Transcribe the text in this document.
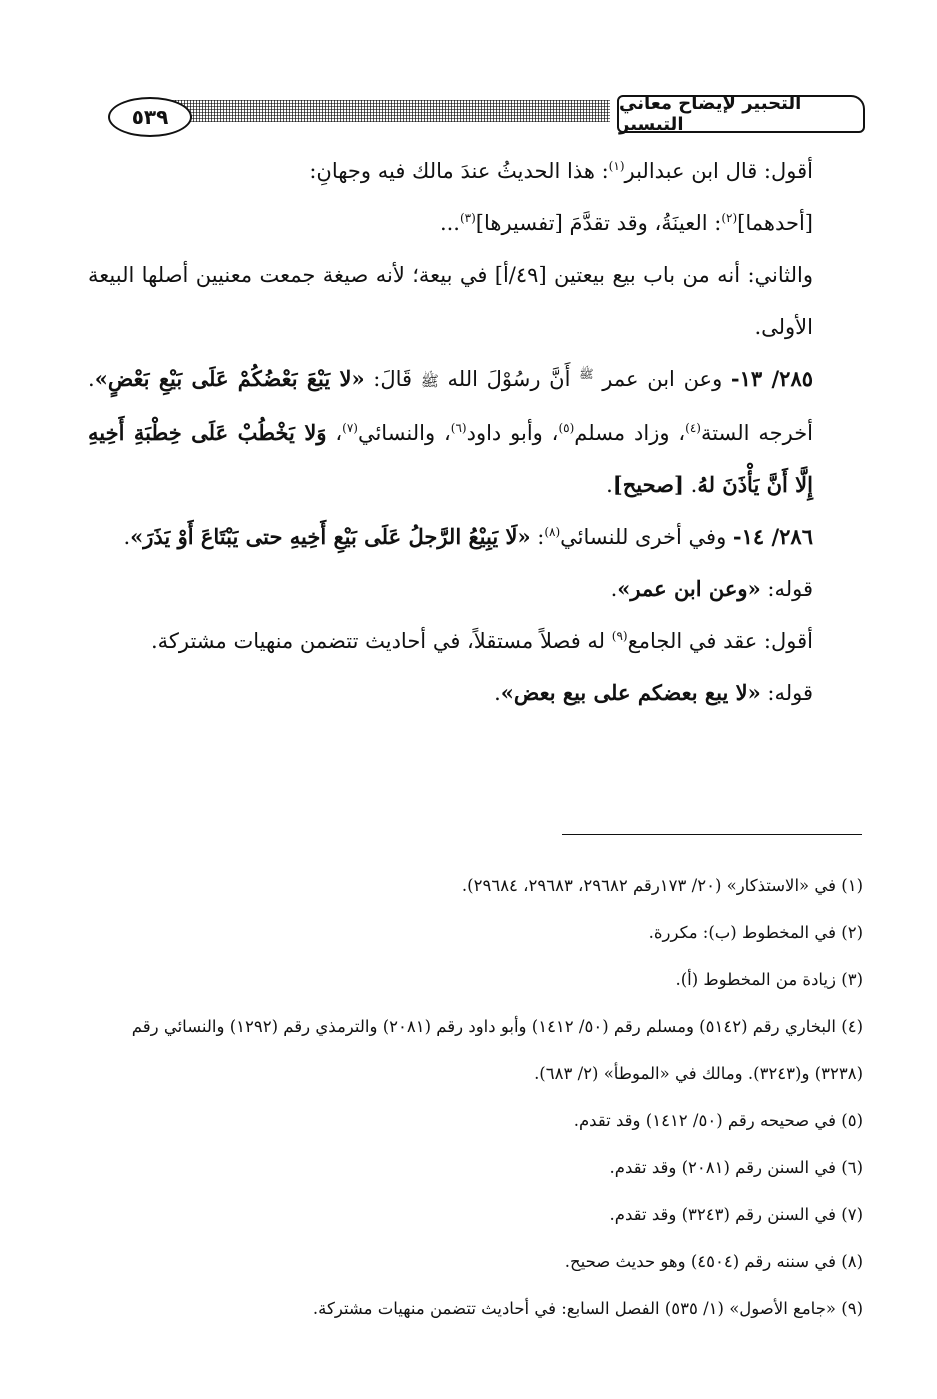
٥٣٩
التحبير لإيضاح معاني التيسير

أقول: قال ابن عبدالبر$^{(١)}$: هذا الحديثُ عندَ مالك فيه وجهانِ:

[أحدهما]$^{(٢)}$: العينَةُ، وقد تقدَّمَ [تفسيرها]$^{(٣)}$...

والثاني: أنه من باب بيع بيعتين [٤٩/أ] في بيعة؛ لأنه صيغة جمعت معنيين أصلها البيعة الأولى.

٢٨٥/ ١٣- وعن ابن عمر $^ﷺ$ أَنَّ رسُوْلَ الله ﷺ قَالَ: «لا يَبْعَ بَعْضُكُمْ عَلَى بَيْعِ بَعْضٍ». أخرجه الستة$^{(٤)}$، وزاد مسلم$^{(٥)}$، وأبو داود$^{(٦)}$، والنسائي$^{(٧)}$، وَلا يَخْطُبْ عَلَى خِطْبَةِ أَخِيهِ إِلَّا أَنَّ يَأْذَنَ لهُ. [صحيح].

٢٨٦/ ١٤- وفي أخرى للنسائي$^{(٨)}$: «لَا يَبِيْعُ الرَّجلُ عَلَى بَيْعِ أَخِيهِ حتى يَبْتَاعَ أَوْ يَذَرَ».

قوله: «وعن ابن عمر».

أقول: عقد في الجامع$^{(٩)}$ له فصلاً مستقلاً، في أحاديث تتضمن منهيات مشتركة.

قوله: «لا يبع بعضكم على بيع بعض».

(١) في «الاستذكار» (٢٠/ ١٧٣رقم ٢٩٦٨٢، ٢٩٦٨٣، ٢٩٦٨٤).

(٢) في المخطوط (ب): مكررة.

(٣) زيادة من المخطوط (أ).

(٤) البخاري رقم (٥١٤٢) ومسلم رقم (٥٠/ ١٤١٢) وأبو داود رقم (٢٠٨١) والترمذي رقم (١٢٩٢) والنسائي رقم (٣٢٣٨) و(٣٢٤٣). ومالك في «الموطأ» (٢/ ٦٨٣).

(٥) في صحيحه رقم (٥٠/ ١٤١٢) وقد تقدم.

(٦) في السنن رقم (٢٠٨١) وقد تقدم.

(٧) في السنن رقم (٣٢٤٣) وقد تقدم.

(٨) في سننه رقم (٤٥٠٤) وهو حديث صحيح.

(٩) «جامع الأصول» (١/ ٥٣٥) الفصل السابع: في أحاديث تتضمن منهيات مشتركة.
